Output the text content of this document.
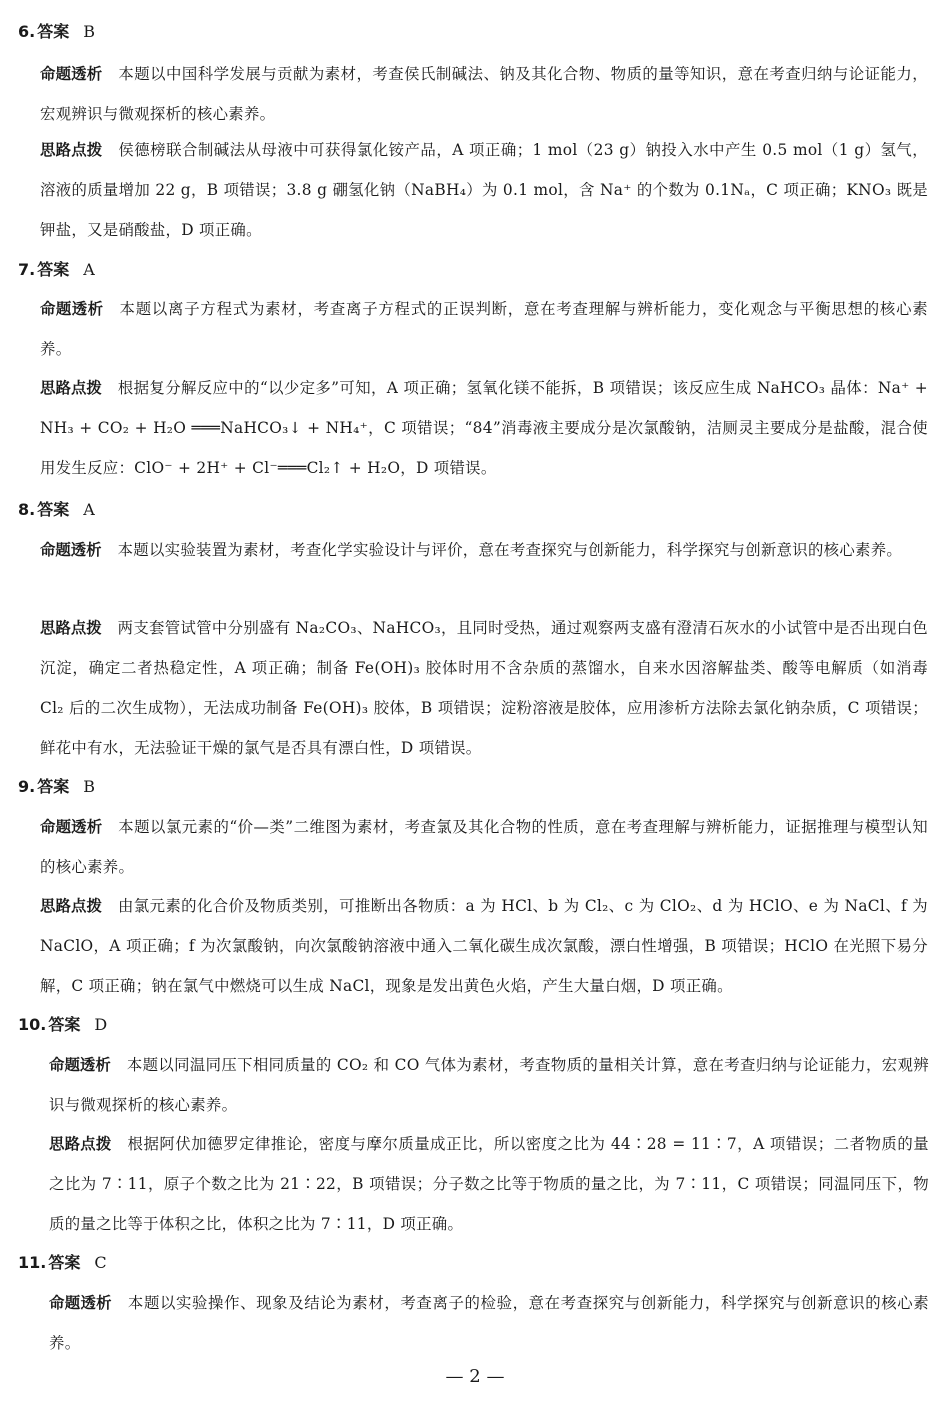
6. 答案 B
命题透析 本题以中国科学发展与贡献为素材，考查侯氏制碱法、钠及其化合物、物质的量等知识，意在考查归纳与论证能力，宏观辨识与微观探析的核心素养。
思路点拨 侯德榜联合制碱法从母液中可获得氯化铵产品，A 项正确；1 mol（23 g）钠投入水中产生 0.5 mol（1 g）氢气，溶液的质量增加 22 g，B 项错误；3.8 g 硼氢化钠（NaBH₄）为 0.1 mol，含 Na⁺ 的个数为 0.1Nₐ，C 项正确；KNO₃ 既是钾盐，又是硝酸盐，D 项正确。
7. 答案 A
命题透析 本题以离子方程式为素材，考查离子方程式的正误判断，意在考查理解与辨析能力，变化观念与平衡思想的核心素养。
思路点拨 根据复分解反应中的“以少定多”可知，A 项正确；氢氧化镁不能拆，B 项错误；该反应生成 NaHCO₃ 晶体：Na⁺ + NH₃ + CO₂ + H₂O ═══NaHCO₃↓ + NH₄⁺，C 项错误；“84”消毒液主要成分是次氯酸钠，洁厕灵主要成分是盐酸，混合使用发生反应：ClO⁻ + 2H⁺ + Cl⁻═══Cl₂↑ + H₂O，D 项错误。
8. 答案 A
命题透析 本题以实验装置为素材，考查化学实验设计与评价，意在考查探究与创新能力，科学探究与创新意识的核心素养。
思路点拨 两支套管试管中分别盛有 Na₂CO₃、NaHCO₃，且同时受热，通过观察两支盛有澄清石灰水的小试管中是否出现白色沉淀，确定二者热稳定性，A 项正确；制备 Fe(OH)₃ 胶体时用不含杂质的蒸馏水，自来水因溶解盐类、酸等电解质（如消毒 Cl₂ 后的二次生成物），无法成功制备 Fe(OH)₃ 胶体，B 项错误；淀粉溶液是胶体，应用渗析方法除去氯化钠杂质，C 项错误；鲜花中有水，无法验证干燥的氯气是否具有漂白性，D 项错误。
9. 答案 B
命题透析 本题以氯元素的“价—类”二维图为素材，考查氯及其化合物的性质，意在考查理解与辨析能力，证据推理与模型认知的核心素养。
思路点拨 由氯元素的化合价及物质类别，可推断出各物质：a 为 HCl、b 为 Cl₂、c 为 ClO₂、d 为 HClO、e 为 NaCl、f 为 NaClO，A 项正确；f 为次氯酸钠，向次氯酸钠溶液中通入二氧化碳生成次氯酸，漂白性增强，B 项错误；HClO 在光照下易分解，C 项正确；钠在氯气中燃烧可以生成 NaCl，现象是发出黄色火焰，产生大量白烟，D 项正确。
10. 答案 D
命题透析 本题以同温同压下相同质量的 CO₂ 和 CO 气体为素材，考查物质的量相关计算，意在考查归纳与论证能力，宏观辨识与微观探析的核心素养。
思路点拨 根据阿伏加德罗定律推论，密度与摩尔质量成正比，所以密度之比为 44∶28 = 11∶7，A 项错误；二者物质的量之比为 7∶11，原子个数之比为 21∶22，B 项错误；分子数之比等于物质的量之比，为 7∶11，C 项错误；同温同压下，物质的量之比等于体积之比，体积之比为 7∶11，D 项正确。
11. 答案 C
命题透析 本题以实验操作、现象及结论为素材，考查离子的检验，意在考查探究与创新能力，科学探究与创新意识的核心素养。
— 2 —
